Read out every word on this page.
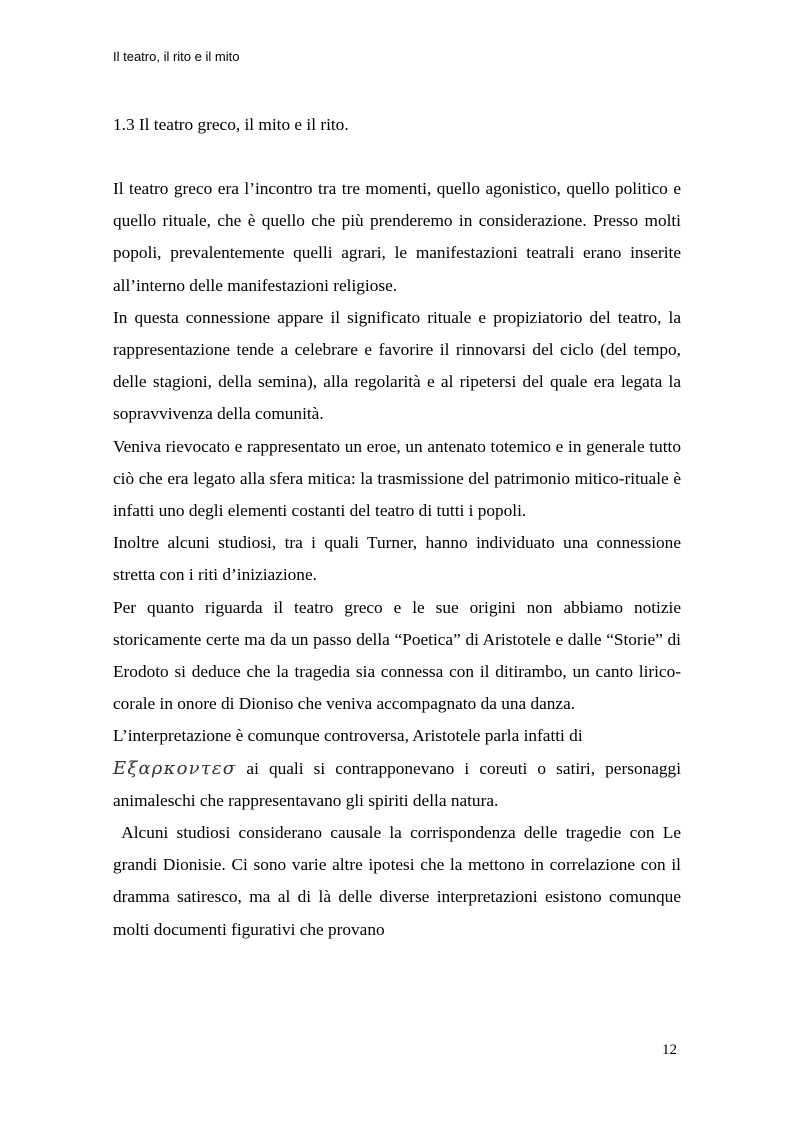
Il teatro, il rito e il mito
1.3 Il teatro greco, il mito e il rito.

Il teatro greco era l’incontro tra tre momenti, quello agonistico, quello politico e quello rituale, che è quello che più prenderemo in considerazione. Presso molti popoli, prevalentemente quelli agrari, le manifestazioni teatrali erano inserite all’interno delle manifestazioni religiose.

In questa connessione appare il significato rituale e propiziatorio del teatro, la rappresentazione tende a celebrare e favorire il rinnovarsi del ciclo (del tempo, delle stagioni, della semina), alla regolarità e al ripetersi del quale era legata la sopravvivenza della comunità.

Veniva rievocato e rappresentato un eroe, un antenato totemico e in generale tutto ciò che era legato alla sfera mitica: la trasmissione del patrimonio mitico-rituale è infatti uno degli elementi costanti del teatro di tutti i popoli.

Inoltre alcuni studiosi, tra i quali Turner, hanno individuato una connessione stretta con i riti d’iniziazione.

Per quanto riguarda il teatro greco e le sue origini non abbiamo notizie storicamente certe ma da un passo della “Poetica” di Aristotele e dalle “Storie” di Erodoto si deduce che la tragedia sia connessa con il ditirambo, un canto lirico-corale in onore di Dioniso che veniva accompagnato da una danza.

L’interpretazione è comunque controversa, Aristotele parla infatti di

Εξαρκοντεσ ai quali si contrapponevano i coreuti o satiri, personaggi animaleschi che rappresentavano gli spiriti della natura.

Alcuni studiosi considerano causale la corrispondenza delle tragedie con Le grandi Dionisie. Ci sono varie altre ipotesi che la mettono in correlazione con il dramma satiresco, ma al di là delle diverse interpretazioni esistono comunque molti documenti figurativi che provano

12
